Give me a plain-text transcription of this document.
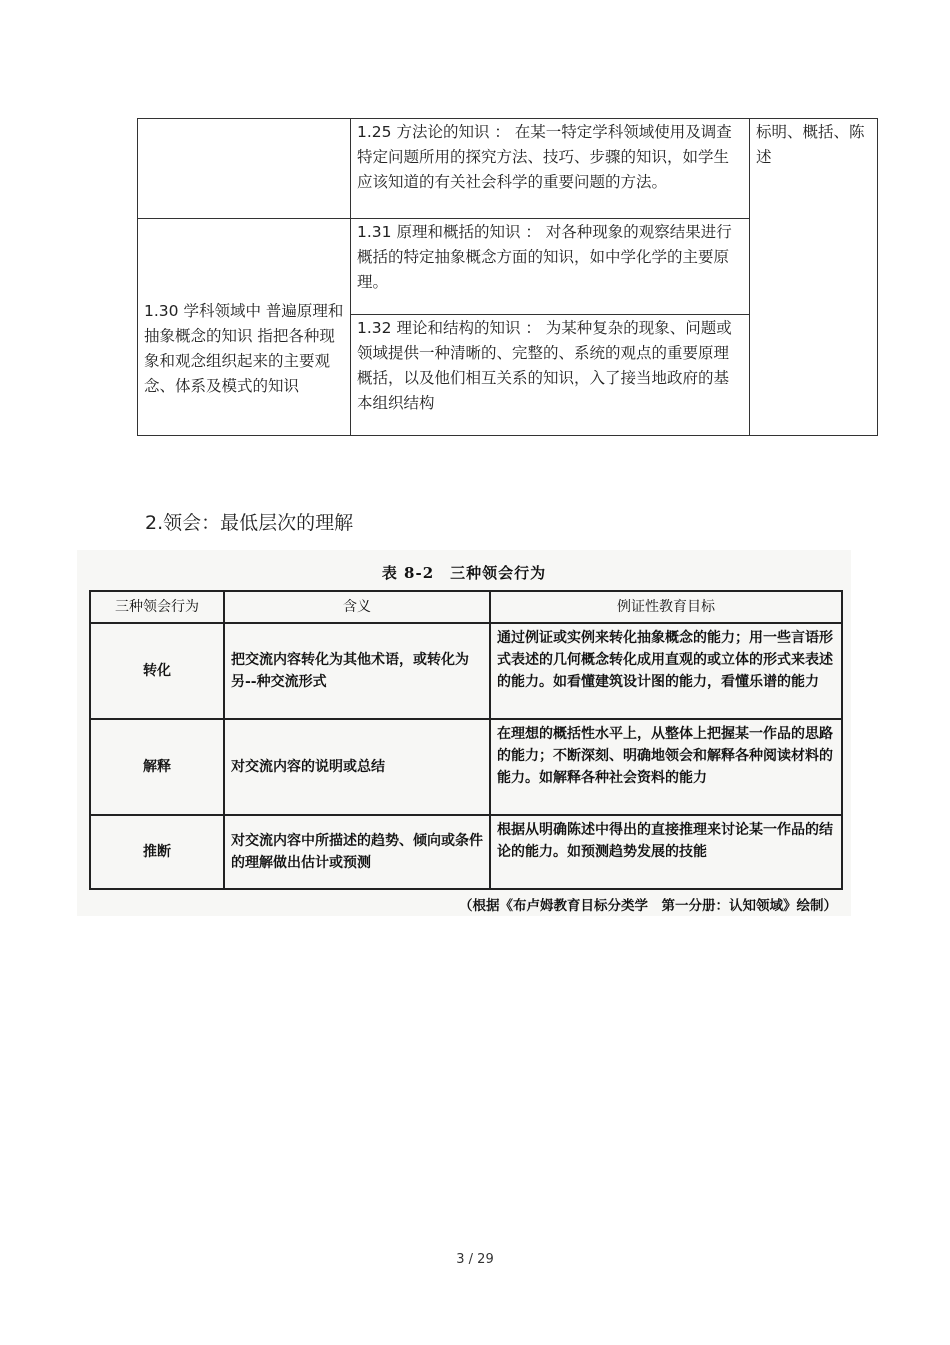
	1.25 方法论的知识 ： 在某一特定学科领域使用及调查特定问题所用的探究方法、技巧、步骤的知识，如学生应该知道的有关社会科学的重要问题的方法。	标明、概括、陈述
1.30 学科领域中 普遍原理和抽象概念的知识 指把各种现象和观念组织起来的主要观念、体系及模式的知识	1.31 原理和概括的知识 ： 对各种现象的观察结果进行概括的特定抽象概念方面的知识，如中学化学的主要原理。	
	1.32 理论和结构的知识 ： 为某种复杂的现象、问题或领域提供一种清晰的、完整的、系统的观点的重要原理概括，以及他们相互关系的知识，入了接当地政府的基本组织结构	
2.领会：最低层次的理解
表 8-2　三种领会行为
三种领会行为	含义	例证性教育目标
转化	把交流内容转化为其他术语，或转化为另--种交流形式	通过例证或实例来转化抽象概念的能力；用一些言语形式表述的几何概念转化成用直观的或立体的形式来表述的能力。如看懂建筑设计图的能力，看懂乐谱的能力
解释	对交流内容的说明或总结	在理想的概括性水平上，从整体上把握某一作品的思路的能力；不断深刻、明确地领会和解释各种阅读材料的能力。如解释各种社会资料的能力
推断	对交流内容中所描述的趋势、倾向或条件的理解做出估计或预测	根据从明确陈述中得出的直接推理来讨论某一作品的结论的能力。如预测趋势发展的技能
（根据《布卢姆教育目标分类学　第一分册：认知领域》绘制）
3 / 29
